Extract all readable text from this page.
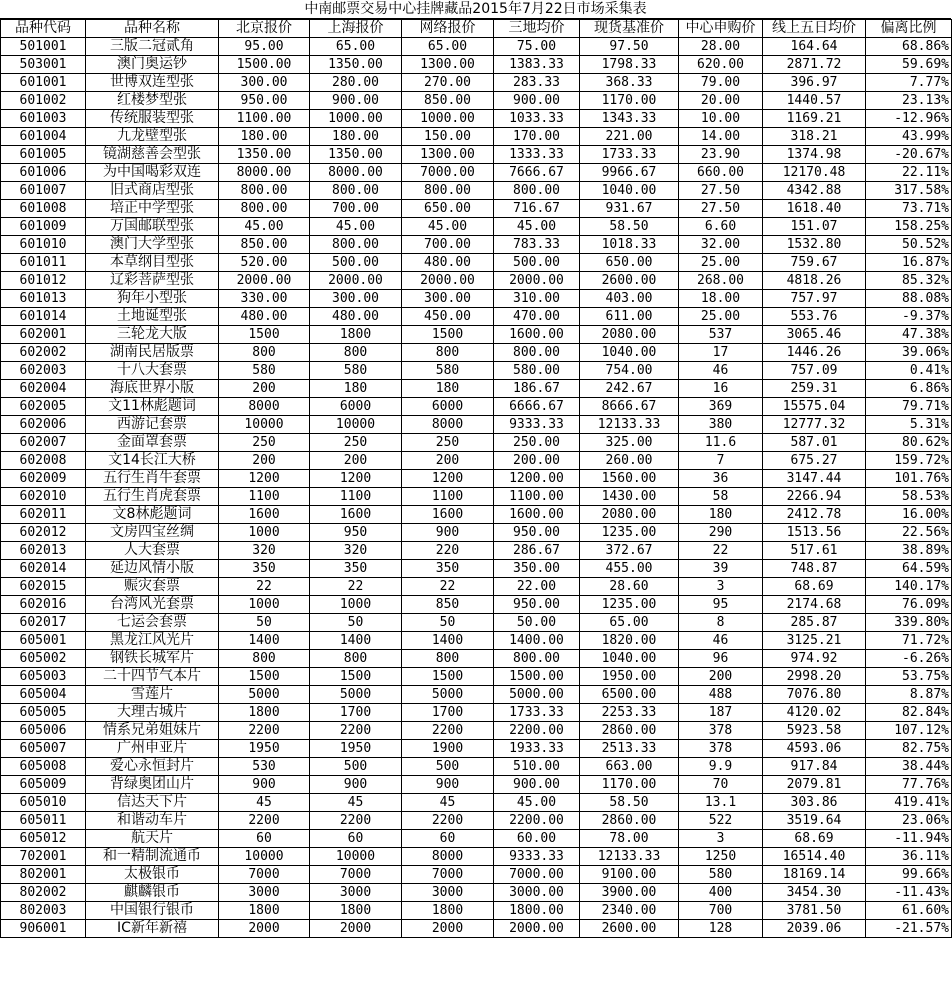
中南邮票交易中心挂牌藏品2015年7月22日市场采集表
品种代码	品种名称	北京报价	上海报价	网络报价	三地均价	现货基准价	中心申购价	线上五日均价	偏离比例
501001	三版二冠贰角	95.00	65.00	65.00	75.00	97.50	28.00	164.64	68.86%
503001	澳门奥运钞	1500.00	1350.00	1300.00	1383.33	1798.33	620.00	2871.72	59.69%
601001	世博双连型张	300.00	280.00	270.00	283.33	368.33	79.00	396.97	7.77%
601002	红楼梦型张	950.00	900.00	850.00	900.00	1170.00	20.00	1440.57	23.13%
601003	传统服装型张	1100.00	1000.00	1000.00	1033.33	1343.33	10.00	1169.21	-12.96%
601004	九龙壁型张	180.00	180.00	150.00	170.00	221.00	14.00	318.21	43.99%
601005	镜湖慈善会型张	1350.00	1350.00	1300.00	1333.33	1733.33	23.90	1374.98	-20.67%
601006	为中国喝彩双连	8000.00	8000.00	7000.00	7666.67	9966.67	660.00	12170.48	22.11%
601007	旧式商店型张	800.00	800.00	800.00	800.00	1040.00	27.50	4342.88	317.58%
601008	培正中学型张	800.00	700.00	650.00	716.67	931.67	27.50	1618.40	73.71%
601009	万国邮联型张	45.00	45.00	45.00	45.00	58.50	6.60	151.07	158.25%
601010	澳门大学型张	850.00	800.00	700.00	783.33	1018.33	32.00	1532.80	50.52%
601011	本草纲目型张	520.00	500.00	480.00	500.00	650.00	25.00	759.67	16.87%
601012	辽彩菩萨型张	2000.00	2000.00	2000.00	2000.00	2600.00	268.00	4818.26	85.32%
601013	狗年小型张	330.00	300.00	300.00	310.00	403.00	18.00	757.97	88.08%
601014	土地诞型张	480.00	480.00	450.00	470.00	611.00	25.00	553.76	-9.37%
602001	三轮龙大版	1500	1800	1500	1600.00	2080.00	537	3065.46	47.38%
602002	湖南民居版票	800	800	800	800.00	1040.00	17	1446.26	39.06%
602003	十八大套票	580	580	580	580.00	754.00	46	757.09	0.41%
602004	海底世界小版	200	180	180	186.67	242.67	16	259.31	6.86%
602005	文11林彪题词	8000	6000	6000	6666.67	8666.67	369	15575.04	79.71%
602006	西游记套票	10000	10000	8000	9333.33	12133.33	380	12777.32	5.31%
602007	金面罩套票	250	250	250	250.00	325.00	11.6	587.01	80.62%
602008	文14长江大桥	200	200	200	200.00	260.00	7	675.27	159.72%
602009	五行生肖牛套票	1200	1200	1200	1200.00	1560.00	36	3147.44	101.76%
602010	五行生肖虎套票	1100	1100	1100	1100.00	1430.00	58	2266.94	58.53%
602011	文8林彪题词	1600	1600	1600	1600.00	2080.00	180	2412.78	16.00%
602012	文房四宝丝绸	1000	950	900	950.00	1235.00	290	1513.56	22.56%
602013	人大套票	320	320	220	286.67	372.67	22	517.61	38.89%
602014	延边风情小版	350	350	350	350.00	455.00	39	748.87	64.59%
602015	赈灾套票	22	22	22	22.00	28.60	3	68.69	140.17%
602016	台湾风光套票	1000	1000	850	950.00	1235.00	95	2174.68	76.09%
602017	七运会套票	50	50	50	50.00	65.00	8	285.87	339.80%
605001	黑龙江风光片	1400	1400	1400	1400.00	1820.00	46	3125.21	71.72%
605002	钢铁长城军片	800	800	800	800.00	1040.00	96	974.92	-6.26%
605003	二十四节气本片	1500	1500	1500	1500.00	1950.00	200	2998.20	53.75%
605004	雪莲片	5000	5000	5000	5000.00	6500.00	488	7076.80	8.87%
605005	大理古城片	1800	1700	1700	1733.33	2253.33	187	4120.02	82.84%
605006	情系兄弟姐妹片	2200	2200	2200	2200.00	2860.00	378	5923.58	107.12%
605007	广州申亚片	1950	1950	1900	1933.33	2513.33	378	4593.06	82.75%
605008	爱心永恒封片	530	500	500	510.00	663.00	9.9	917.84	38.44%
605009	背绿奥团山片	900	900	900	900.00	1170.00	70	2079.81	77.76%
605010	信达天下片	45	45	45	45.00	58.50	13.1	303.86	419.41%
605011	和谐动车片	2200	2200	2200	2200.00	2860.00	522	3519.64	23.06%
605012	航天片	60	60	60	60.00	78.00	3	68.69	-11.94%
702001	和一精制流通币	10000	10000	8000	9333.33	12133.33	1250	16514.40	36.11%
802001	太极银币	7000	7000	7000	7000.00	9100.00	580	18169.14	99.66%
802002	麒麟银币	3000	3000	3000	3000.00	3900.00	400	3454.30	-11.43%
802003	中国银行银币	1800	1800	1800	1800.00	2340.00	700	3781.50	61.60%
906001	IC新年新禧	2000	2000	2000	2000.00	2600.00	128	2039.06	-21.57%
